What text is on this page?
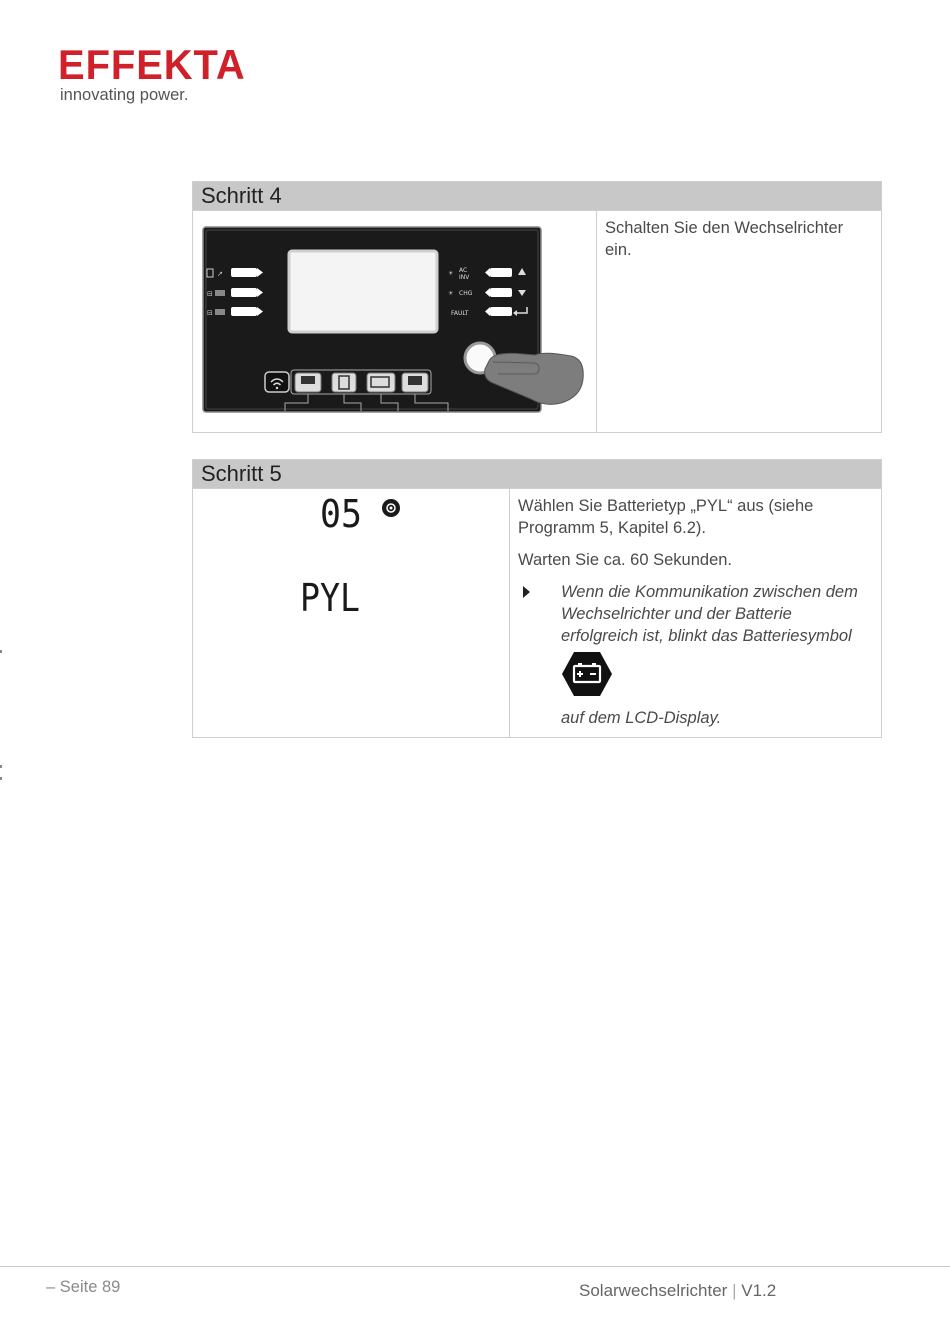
EFFEKTA
innovating power.
Schritt 4

↗
⊟
⊟
☀ AC
INV
☀ CHG
FAULT
	Schalten Sie den Wechselrichter ein.
Schritt 5

05
PYL

Wählen Sie Batterietyp „PYL“ aus (siehe Programm 5, Kapitel 6.2).

Warten Sie ca. 60 Sekunden.

Wenn die Kommunikation zwischen dem Wechselrichter und der Batterie erfolgreich ist, blinkt das Batteriesymbol
auf dem LCD-Display.
– Seite 89	Solarwechselrichter | V1.2
